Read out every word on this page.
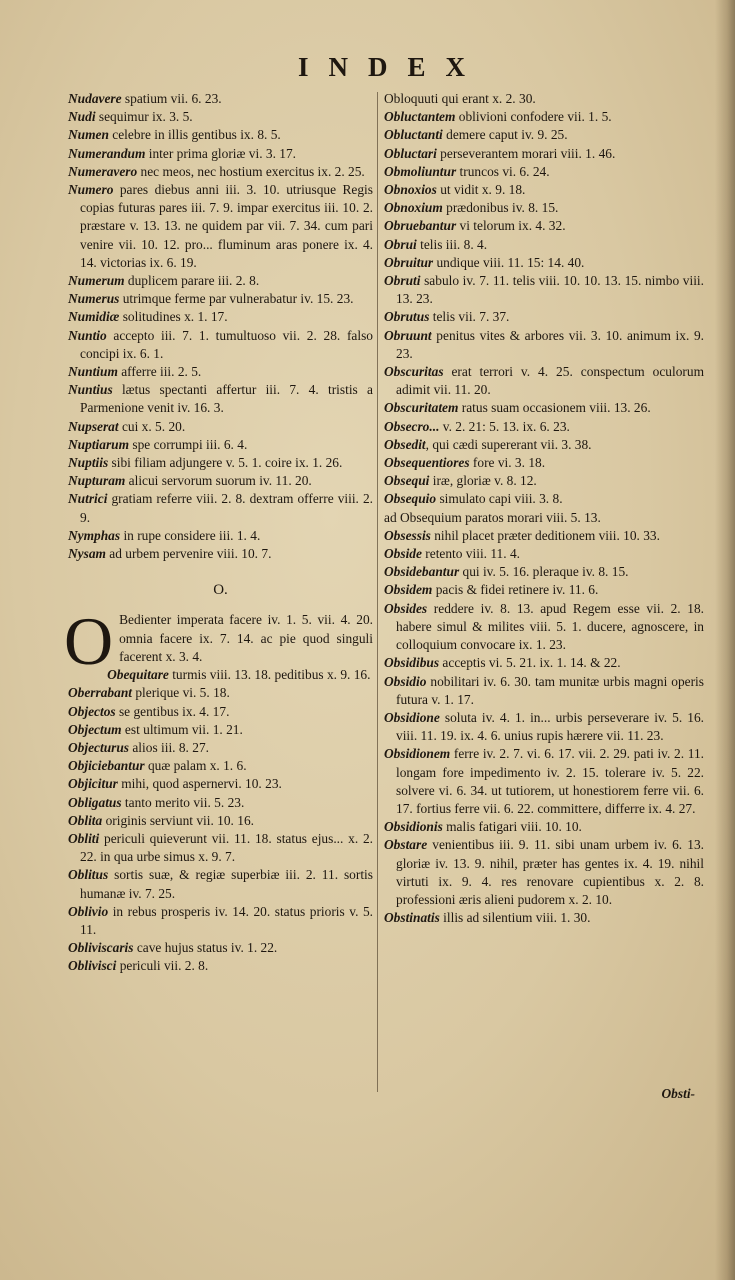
INDEX
Nudavere spatium vii. 6. 23.
Nudi sequimur ix. 3. 5.
Numen celebre in illis gentibus ix. 8. 5.
Numerandum inter prima gloriæ vi. 3. 17.
Numeravero nec meos, nec hostium exercitus ix. 2. 25.
Numero pares diebus anni iii. 3. 10. utriusque Regis copias futuras pares iii. 7. 9. impar exercitus iii. 10. 2. præstare v. 13. 13. ne quidem par vii. 7. 34. cum pari venire vii. 10. 12. pro... fluminum aras ponere ix. 4. 14. victorias ix. 6. 19.
Numerum duplicem parare iii. 2. 8.
Numerus utrimque ferme par vulnerabatur iv. 15. 23.
Numidiæ solitudines x. 1. 17.
Nuntio accepto iii. 7. 1. tumultuoso vii. 2. 28. falso concipi ix. 6. 1.
Nuntium afferre iii. 2. 5.
Nuntius lætus spectanti affertur iii. 7. 4. tristis a Parmenione venit iv. 16. 3.
Nupserat cui x. 5. 20.
Nuptiarum spe corrumpi iii. 6. 4.
Nuptiis sibi filiam adjungere v. 5. 1. coire ix. 1. 26.
Nupturam alicui servorum suorum iv. 11. 20.
Nutrici gratiam referre viii. 2. 8. dextram offerre viii. 2. 9.
Nymphas in rupe considere iii. 1. 4.
Nysam ad urbem pervenire viii. 10. 7.
O.
O Bedienter imperata facere iv. 1. 5. vii. 4. 20. omnia facere ix. 7. 14. ac pie quod singuli facerent x. 3. 4.
Obequitare turmis viii. 13. 18. peditibus x. 9. 16.
Oberrabant plerique vi. 5. 18.
Objectos se gentibus ix. 4. 17.
Objectum est ultimum vii. 1. 21.
Objecturus alios iii. 8. 27.
Objiciebantur quæ palam x. 1. 6.
Objicitur mihi, quod aspernervi. 10. 23.
Obligatus tanto merito vii. 5. 23.
Oblita originis serviunt vii. 10. 16.
Obliti periculi quieverunt vii. 11. 18. status ejus... x. 2. 22. in qua urbe simus x. 9. 7.
Oblitus sortis suæ, & regiæ superbiæ iii. 2. 11. sortis humanæ iv. 7. 25.
Oblivio in rebus prosperis iv. 14. 20. status prioris v. 5. 11.
Obliviscaris cave hujus status iv. 1. 22.
Oblivisci periculi vii. 2. 8.
Obloquuti qui erant x. 2. 30.
Obluctantem oblivioni confodere vii. 1. 5.
Obluctanti demere caput iv. 9. 25.
Obluctari perseverantem morari viii. 1. 46.
Obmoliuntur truncos vi. 6. 24.
Obnoxios ut vidit x. 9. 18.
Obnoxium prædonibus iv. 8. 15.
Obruebantur vi telorum ix. 4. 32.
Obrui telis iii. 8. 4.
Obruitur undique viii. 11. 15: 14. 40.
Obruti sabulo iv. 7. 11. telis viii. 10. 10. 13. 15. nimbo viii. 13. 23.
Obrutus telis vii. 7. 37.
Obruunt penitus vites & arbores vii. 3. 10. animum ix. 9. 23.
Obscuritas erat terrori v. 4. 25. conspectum oculorum adimit vii. 11. 20.
Obscuritatem ratus suam occasionem viii. 13. 26.
Obsecro... v. 2. 21: 5. 13. ix. 6. 23.
Obsedit, qui cædi supererant vii. 3. 38.
Obsequentiores fore vi. 3. 18.
Obsequi iræ, gloriæ v. 8. 12.
Obsequio simulato capi viii. 3. 8.
ad Obsequium paratos morari viii. 5. 13.
Obsessis nihil placet præter deditionem viii. 10. 33.
Obside retento viii. 11. 4.
Obsidebantur qui iv. 5. 16. pleraque iv. 8. 15.
Obsidem pacis & fidei retinere iv. 11. 6.
Obsides reddere iv. 8. 13. apud Regem esse vii. 2. 18. habere simul & milites viii. 5. 1. ducere, agnoscere, in colloquium convocare ix. 1. 23.
Obsidibus acceptis vi. 5. 21. ix. 1. 14. & 22.
Obsidio nobilitari iv. 6. 30. tam munitæ urbis magni operis futura v. 1. 17.
Obsidione soluta iv. 4. 1. in... urbis perseverare iv. 5. 16. viii. 11. 19. ix. 4. 6. unius rupis hærere vii. 11. 23.
Obsidionem ferre iv. 2. 7. vi. 6. 17. vii. 2. 29. pati iv. 2. 11. longam fore impedimento iv. 2. 15. tolerare iv. 5. 22. solvere vi. 6. 34. ut tutiorem, ut honestiorem ferre vii. 6. 17. fortius ferre vii. 6. 22. committere, differre ix. 4. 27.
Obsidionis malis fatigari viii. 10. 10.
Obstare venientibus iii. 9. 11. sibi unam urbem iv. 6. 13. gloriæ iv. 13. 9. nihil, præter has gentes ix. 4. 19. nihil virtuti ix. 9. 4. res renovare cupientibus x. 2. 8. professioni æris alieni pudorem x. 2. 10.
Obstinatis illis ad silentium viii. 1. 30.
Obsti-
